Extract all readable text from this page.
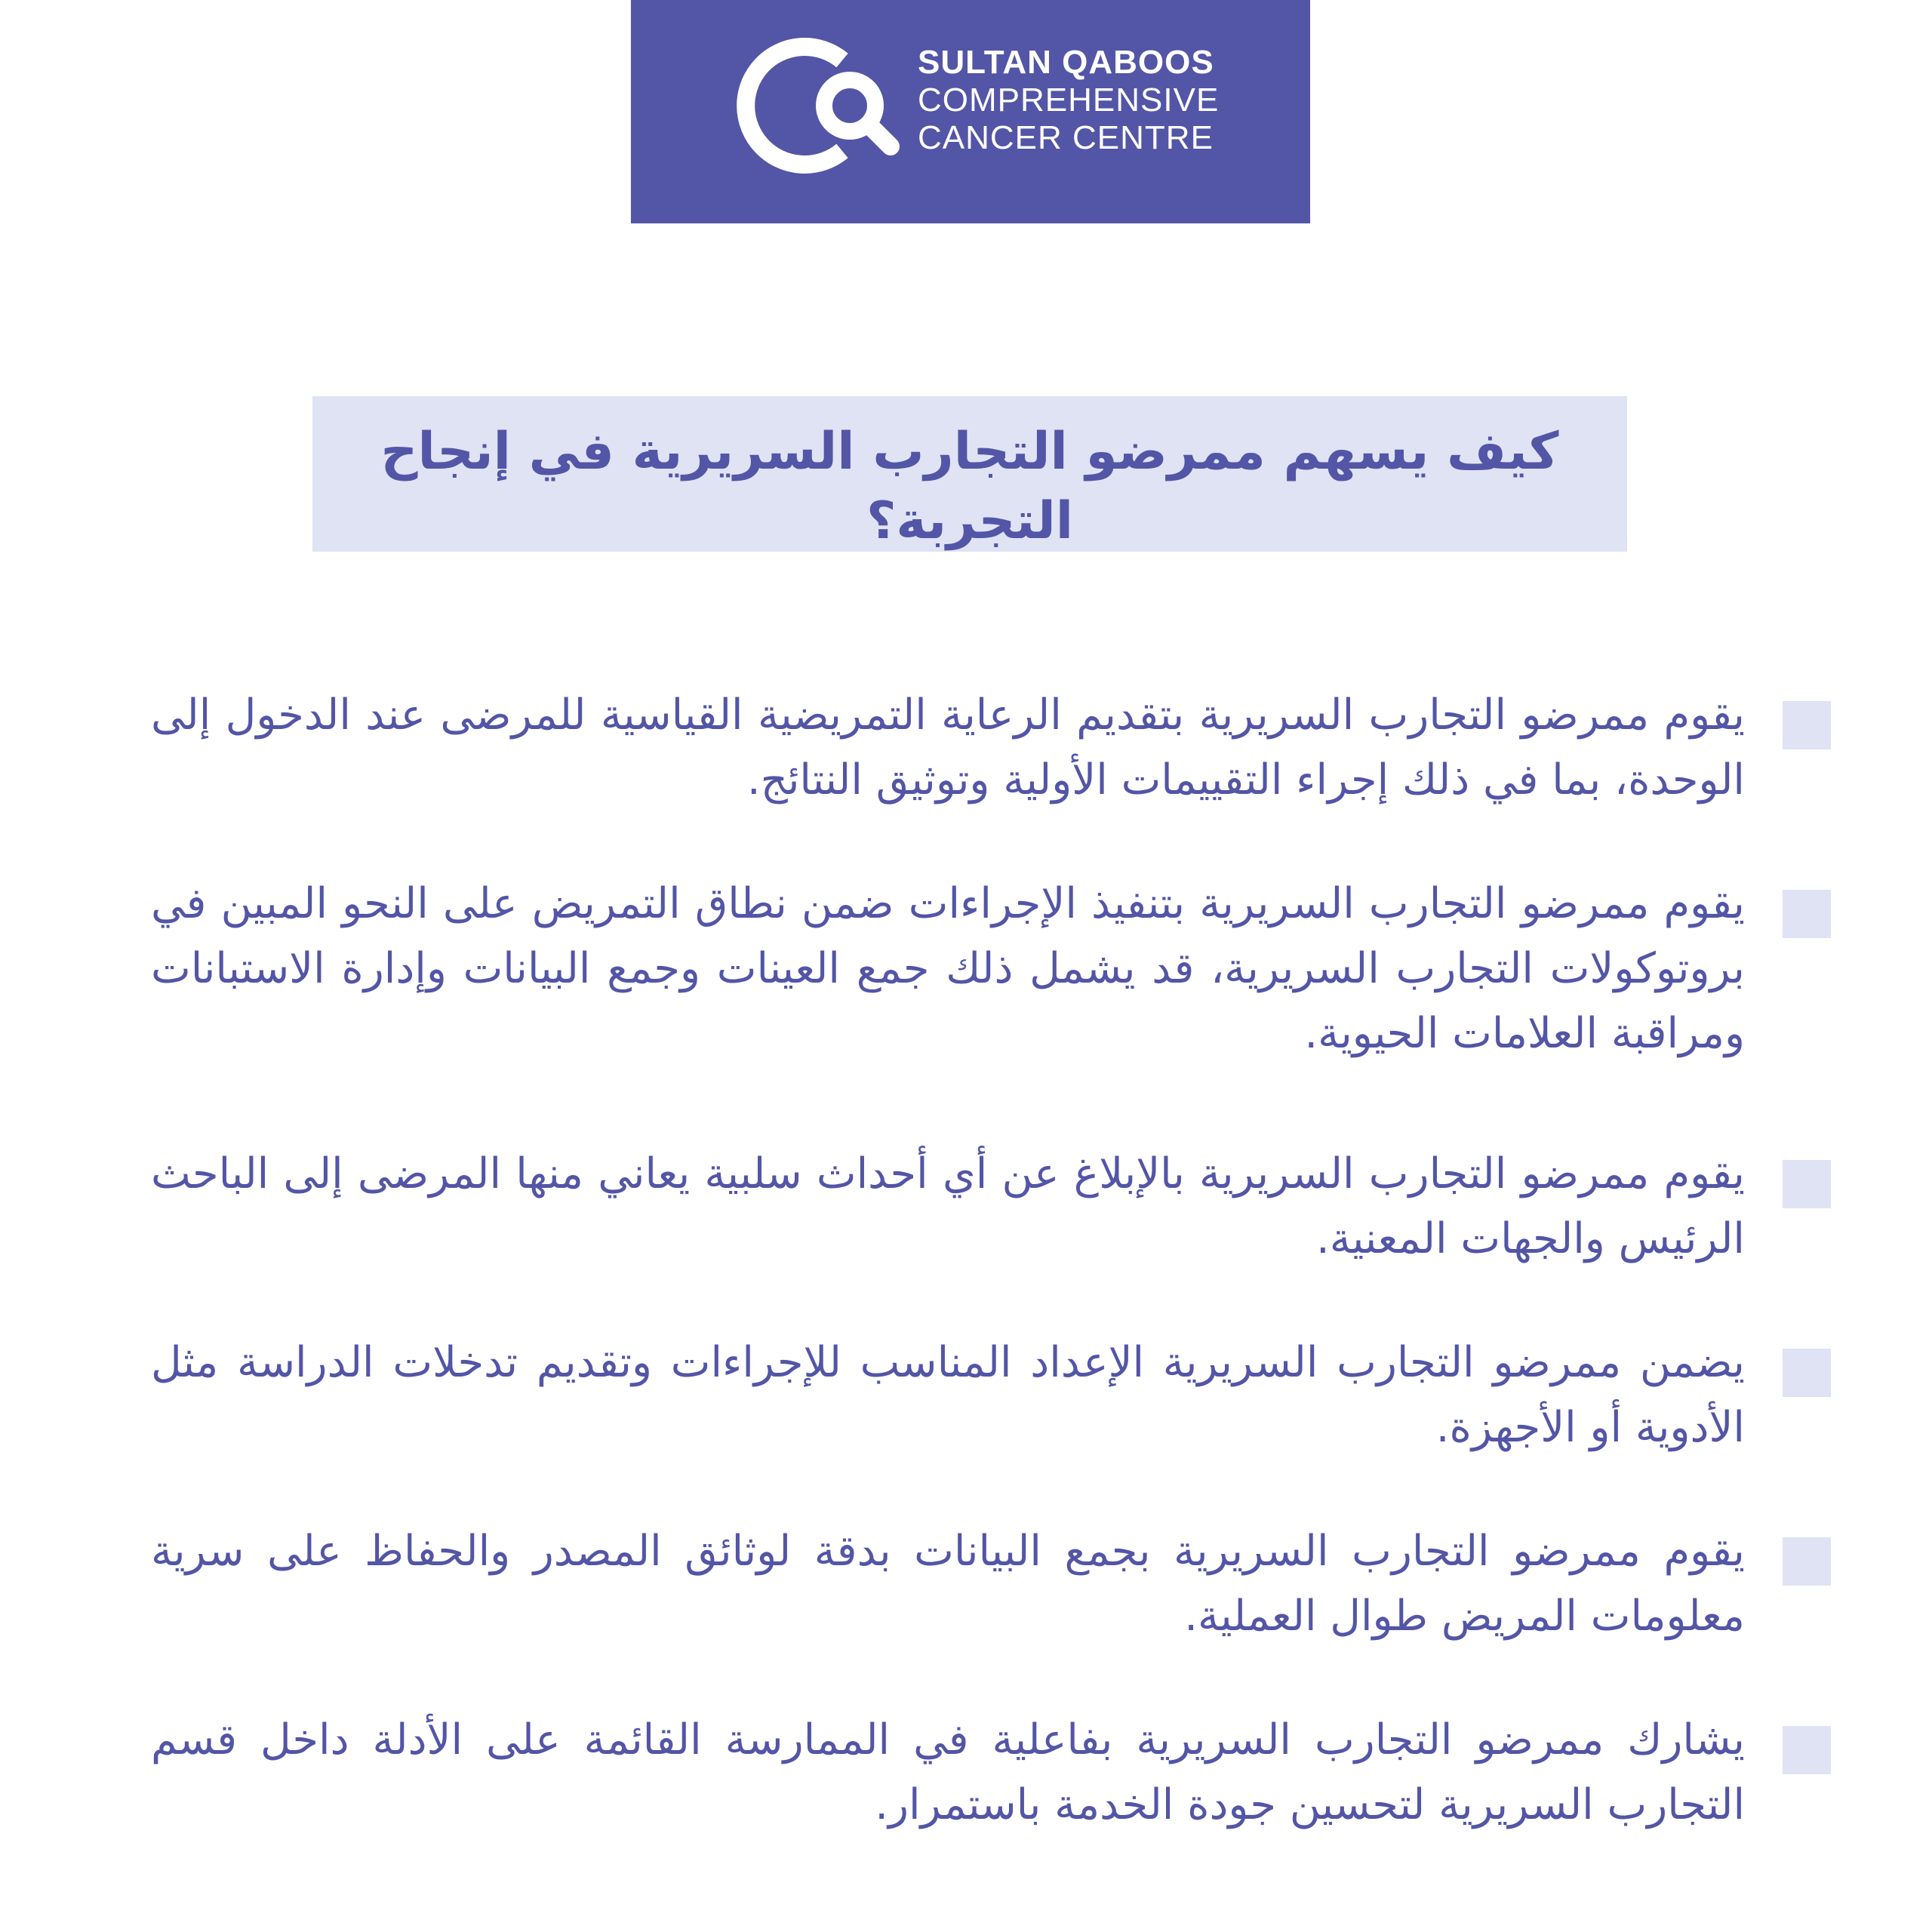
SULTAN QABOOS
COMPREHENSIVE
CANCER CENTRE
كيف يسهم ممرضو التجارب السريرية في إنجاح التجربة؟
يقوم ممرضو التجارب السريرية بتقديم الرعاية التمريضية القياسية للمرضى عند الدخول إلى الوحدة، بما في ذلك إجراء التقييمات الأولية وتوثيق النتائج.
يقوم ممرضو التجارب السريرية بتنفيذ الإجراءات ضمن نطاق التمريض على النحو المبين في بروتوكولات التجارب السريرية، قد يشمل ذلك جمع العينات وجمع البيانات وإدارة الاستبانات ومراقبة العلامات الحيوية.
يقوم ممرضو التجارب السريرية بالإبلاغ عن أي أحداث سلبية يعاني منها المرضى إلى الباحث الرئيس والجهات المعنية.
يضمن ممرضو التجارب السريرية الإعداد المناسب للإجراءات وتقديم تدخلات الدراسة مثل الأدوية أو الأجهزة.
يقوم ممرضو التجارب السريرية بجمع البيانات بدقة لوثائق المصدر والحفاظ على سرية معلومات المريض طوال العملية.
يشارك ممرضو التجارب السريرية بفاعلية في الممارسة القائمة على الأدلة داخل قسم التجارب السريرية لتحسين جودة الخدمة باستمرار.
